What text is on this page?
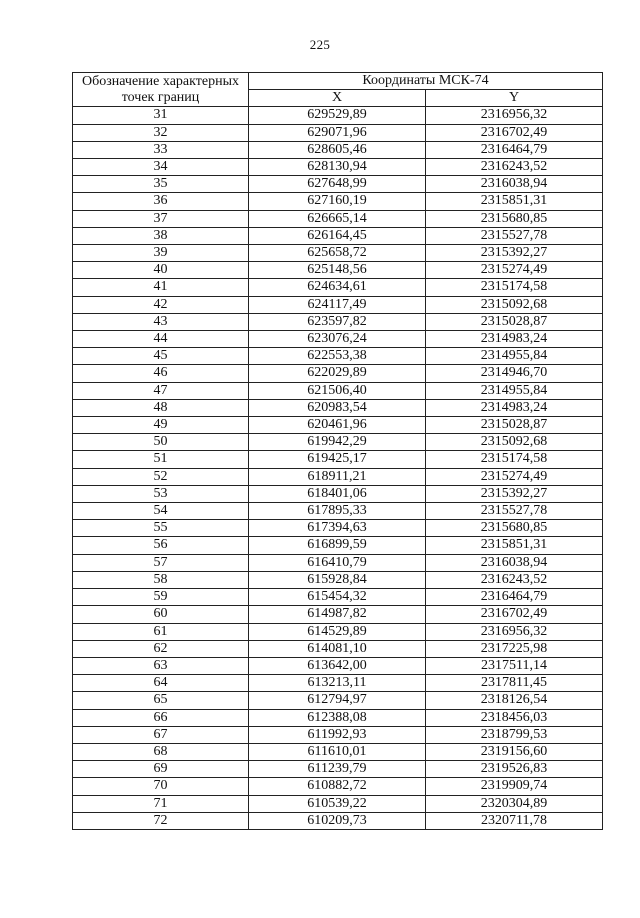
225
Обозначение характерных
точек границ	Координаты МСК-74	
	X	Y
31	629529,89	2316956,32
32	629071,96	2316702,49
33	628605,46	2316464,79
34	628130,94	2316243,52
35	627648,99	2316038,94
36	627160,19	2315851,31
37	626665,14	2315680,85
38	626164,45	2315527,78
39	625658,72	2315392,27
40	625148,56	2315274,49
41	624634,61	2315174,58
42	624117,49	2315092,68
43	623597,82	2315028,87
44	623076,24	2314983,24
45	622553,38	2314955,84
46	622029,89	2314946,70
47	621506,40	2314955,84
48	620983,54	2314983,24
49	620461,96	2315028,87
50	619942,29	2315092,68
51	619425,17	2315174,58
52	618911,21	2315274,49
53	618401,06	2315392,27
54	617895,33	2315527,78
55	617394,63	2315680,85
56	616899,59	2315851,31
57	616410,79	2316038,94
58	615928,84	2316243,52
59	615454,32	2316464,79
60	614987,82	2316702,49
61	614529,89	2316956,32
62	614081,10	2317225,98
63	613642,00	2317511,14
64	613213,11	2317811,45
65	612794,97	2318126,54
66	612388,08	2318456,03
67	611992,93	2318799,53
68	611610,01	2319156,60
69	611239,79	2319526,83
70	610882,72	2319909,74
71	610539,22	2320304,89
72	610209,73	2320711,78
